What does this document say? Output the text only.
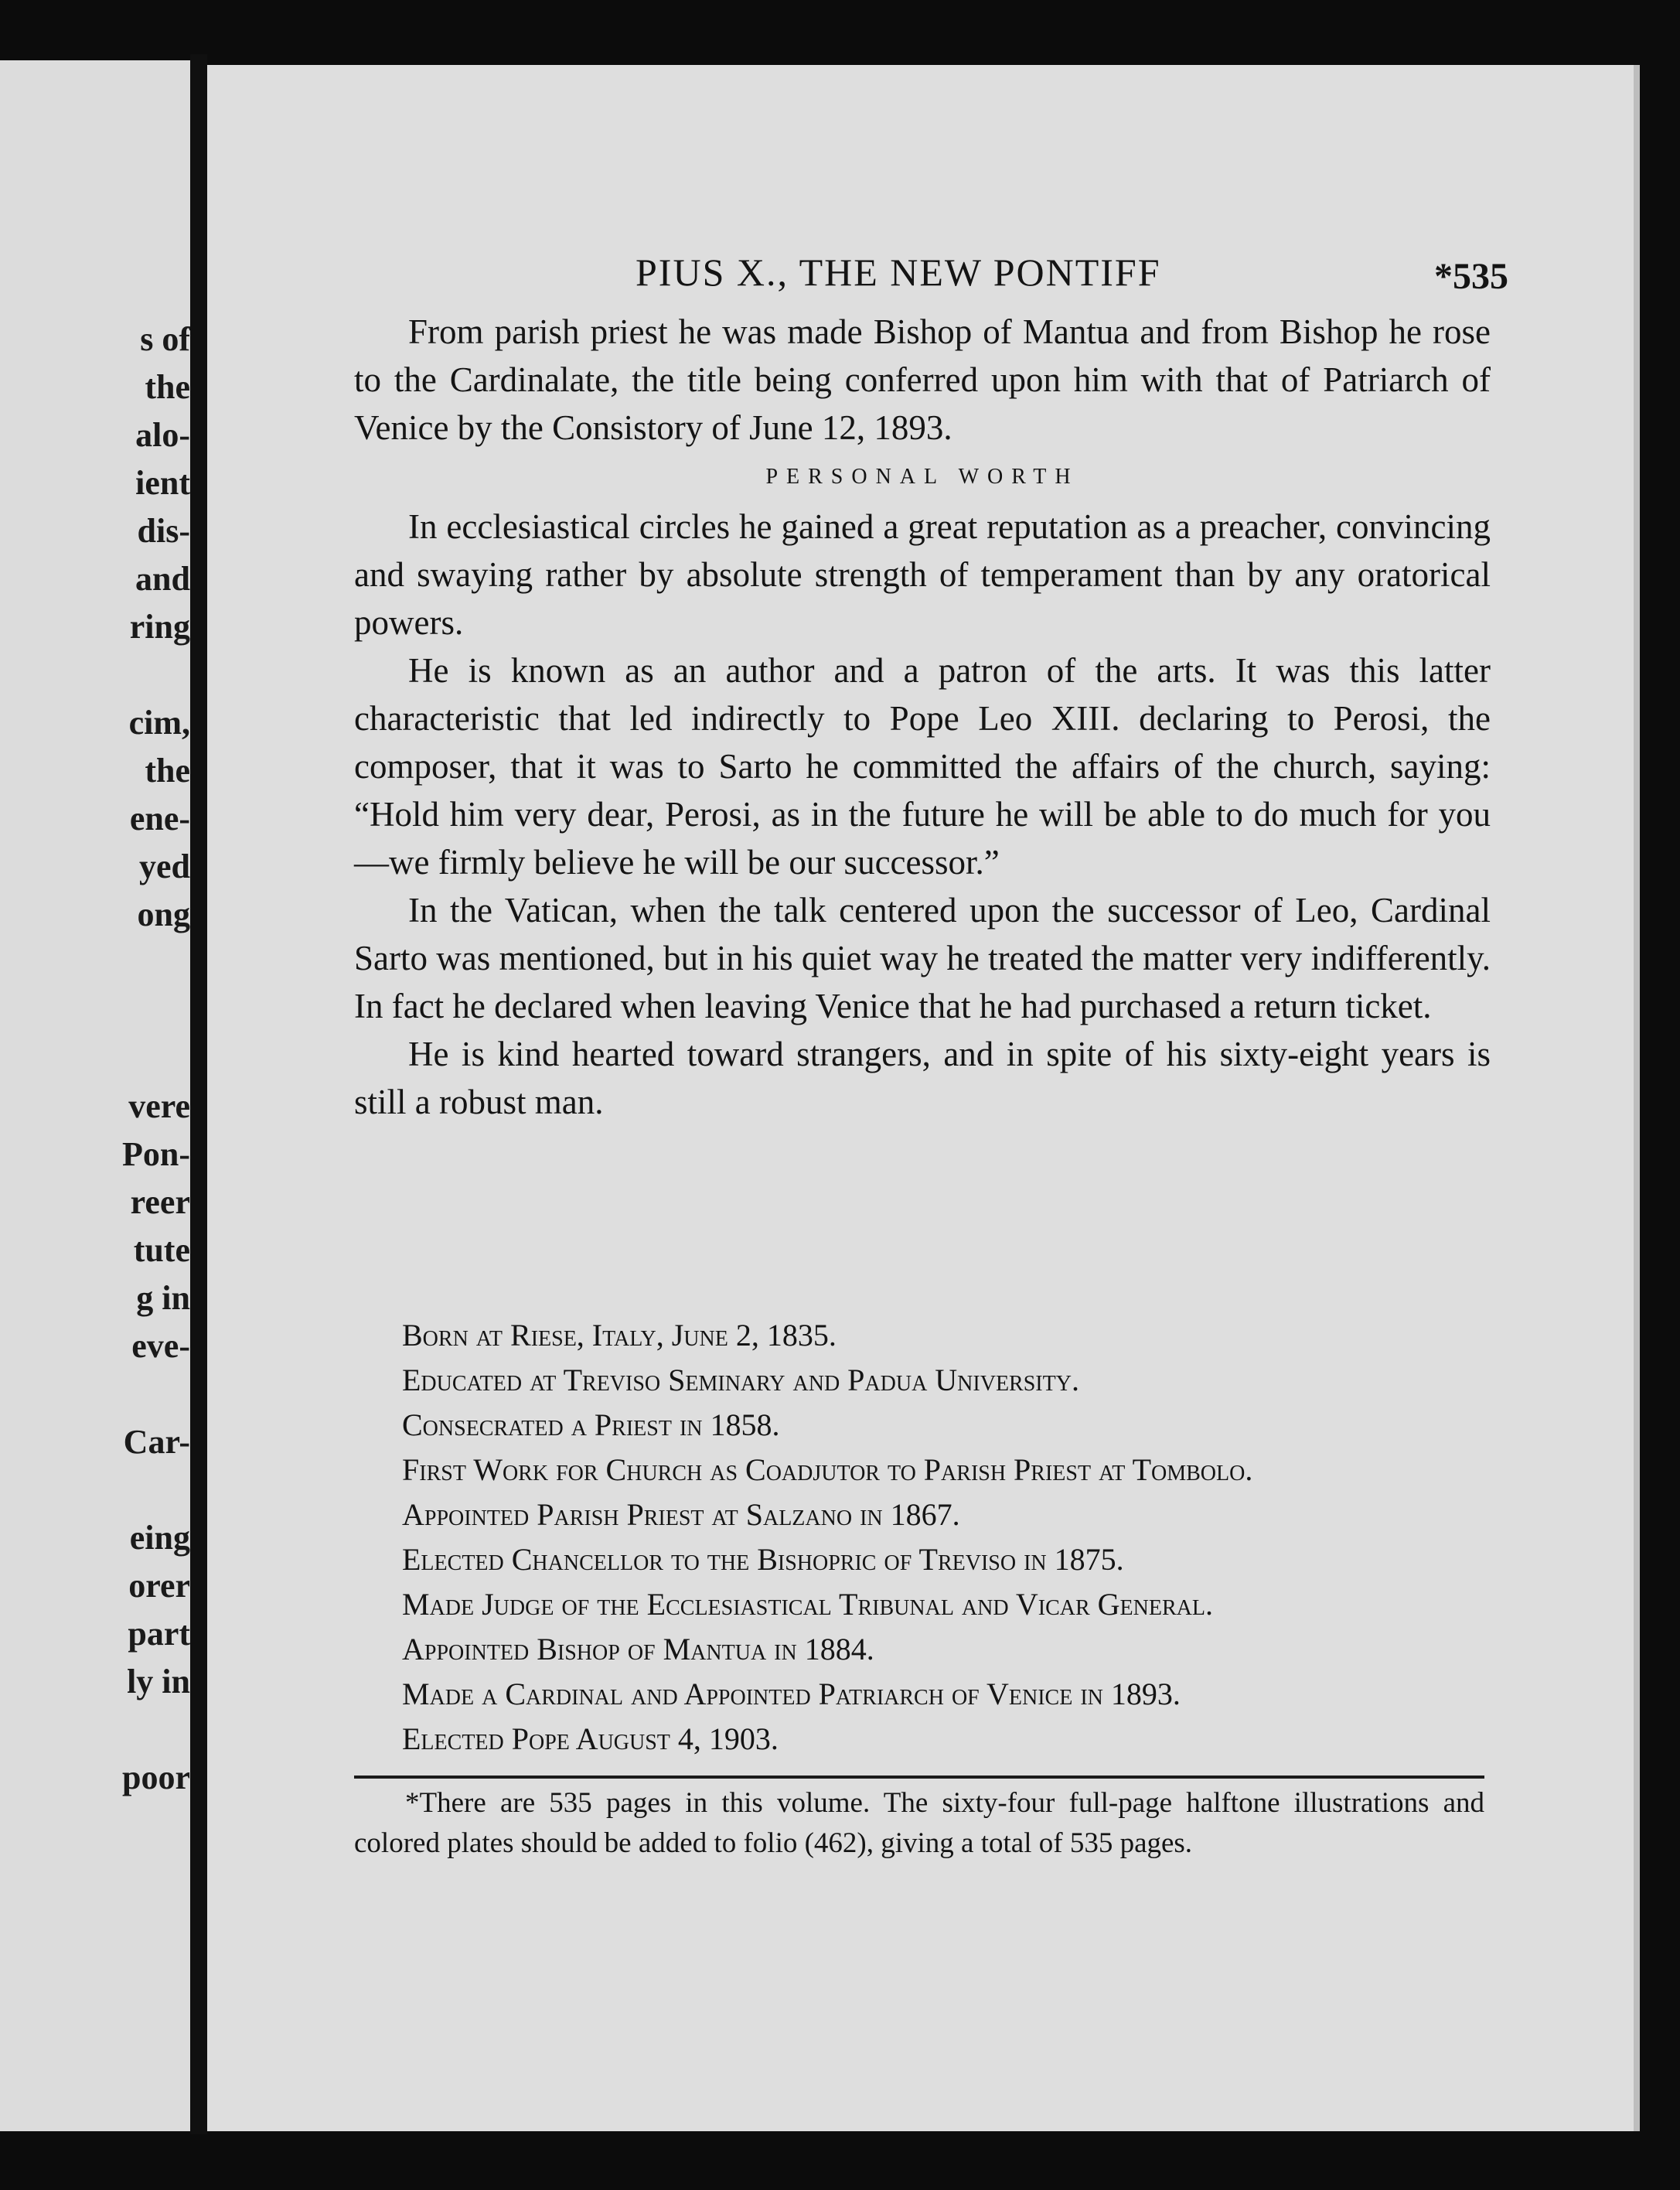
s of
the
alo-
ient
dis-
and
ring
cim,
the
ene-
yed
ong
vere
Pon-
reer
tute
g in
eve-
Car-
eing
orer
part
ly in
poor
PIUS X., THE NEW PONTIFF	*535

From parish priest he was made Bishop of Mantua and from Bishop he rose to the Cardinalate, the title being conferred upon him with that of Patriarch of Venice by the Consistory of June 12, 1893.

PERSONAL WORTH

In ecclesiastical circles he gained a great reputation as a preacher, convincing and swaying rather by absolute strength of temperament than by any oratorical powers.

He is known as an author and a patron of the arts. It was this latter characteristic that led indirectly to Pope Leo XIII. declaring to Perosi, the composer, that it was to Sarto he committed the affairs of the church, saying: “Hold him very dear, Perosi, as in the future he will be able to do much for you—we firmly believe he will be our successor.”

In the Vatican, when the talk centered upon the successor of Leo, Cardinal Sarto was mentioned, but in his quiet way he treated the matter very indifferently. In fact he declared when leaving Venice that he had purchased a return ticket.

He is kind hearted toward strangers, and in spite of his sixty-eight years is still a robust man.

Born at Riese, Italy, June 2, 1835.
Educated at Treviso Seminary and Padua University.
Consecrated a Priest in 1858.
First Work for Church as Coadjutor to Parish Priest at Tombolo.
Appointed Parish Priest at Salzano in 1867.
Elected Chancellor to the Bishopric of Treviso in 1875.
Made Judge of the Ecclesiastical Tribunal and Vicar General.
Appointed Bishop of Mantua in 1884.
Made a Cardinal and Appointed Patriarch of Venice in 1893.
Elected Pope August 4, 1903.

*There are 535 pages in this volume. The sixty-four full-page halftone illustrations and colored plates should be added to folio (462), giving a total of 535 pages.
